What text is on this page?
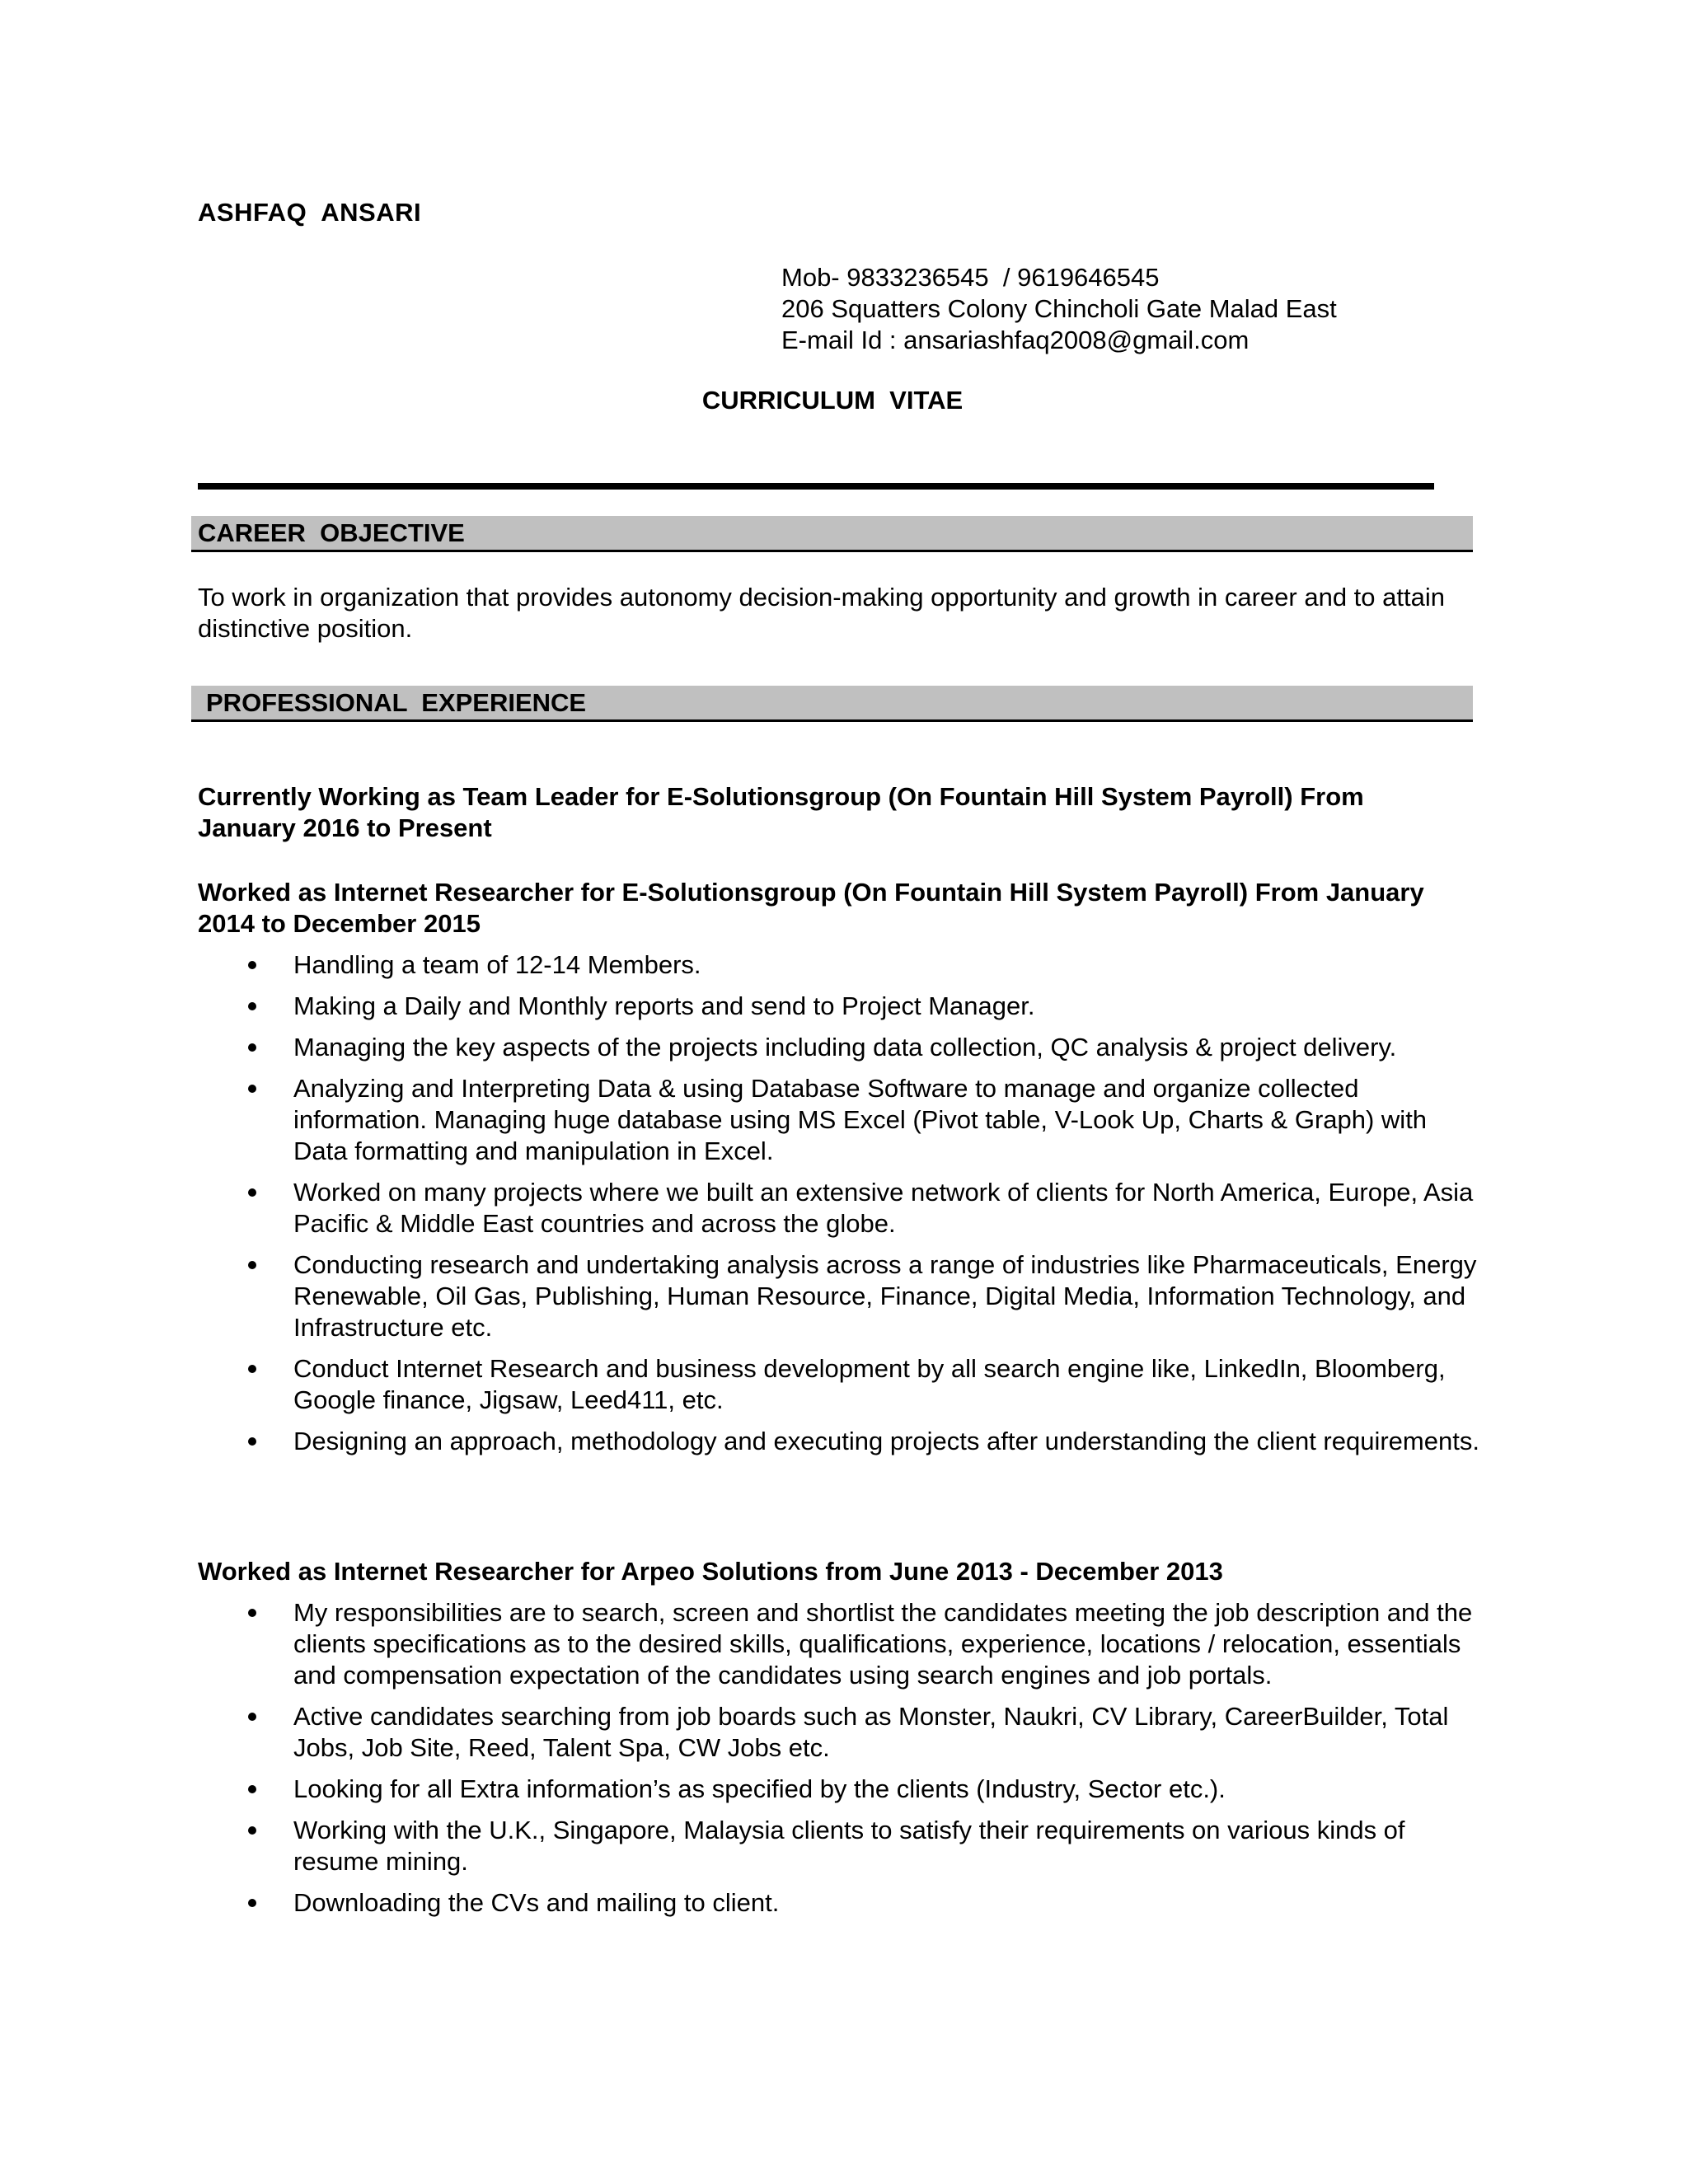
ASHFAQ  ANSARI
Mob- 9833236545  / 9619646545
206 Squatters Colony Chincholi Gate Malad East
E-mail Id : ansariashfaq2008@gmail.com
CURRICULUM  VITAE
CAREER  OBJECTIVE
To work in organization that provides autonomy decision-making opportunity and growth in career and to attain distinctive position.
PROFESSIONAL  EXPERIENCE
Currently Working as Team Leader for E-Solutionsgroup (On Fountain Hill System Payroll) From January 2016 to Present
Worked as Internet Researcher for E-Solutionsgroup (On Fountain Hill System Payroll) From January 2014 to December 2015
Handling a team of 12-14 Members.
Making a Daily and Monthly reports and send to Project Manager.
Managing the key aspects of the projects including data collection, QC analysis & project delivery.
Analyzing and Interpreting Data & using Database Software to manage and organize collected information. Managing huge database using MS Excel (Pivot table, V-Look Up, Charts & Graph) with Data formatting and manipulation in Excel.
Worked on many projects where we built an extensive network of clients for North America, Europe, Asia Pacific & Middle East countries and across the globe.
Conducting research and undertaking analysis across a range of industries like Pharmaceuticals, Energy Renewable, Oil Gas, Publishing, Human Resource, Finance, Digital Media, Information Technology, and Infrastructure etc.
Conduct Internet Research and business development by all search engine like, LinkedIn, Bloomberg, Google finance, Jigsaw, Leed411, etc.
Designing an approach, methodology and executing projects after understanding the client requirements.
Worked as Internet Researcher for Arpeo Solutions from June 2013 - December 2013
My responsibilities are to search, screen and shortlist the candidates meeting the job description and the clients specifications as to the desired skills, qualifications, experience, locations / relocation, essentials and compensation expectation of the candidates using search engines and job portals.
Active candidates searching from job boards such as Monster, Naukri, CV Library, CareerBuilder, Total Jobs, Job Site, Reed, Talent Spa, CW Jobs etc.
Looking for all Extra information’s as specified by the clients (Industry, Sector etc.).
Working with the U.K., Singapore, Malaysia clients to satisfy their requirements on various kinds of resume mining.
Downloading the CVs and mailing to client.
